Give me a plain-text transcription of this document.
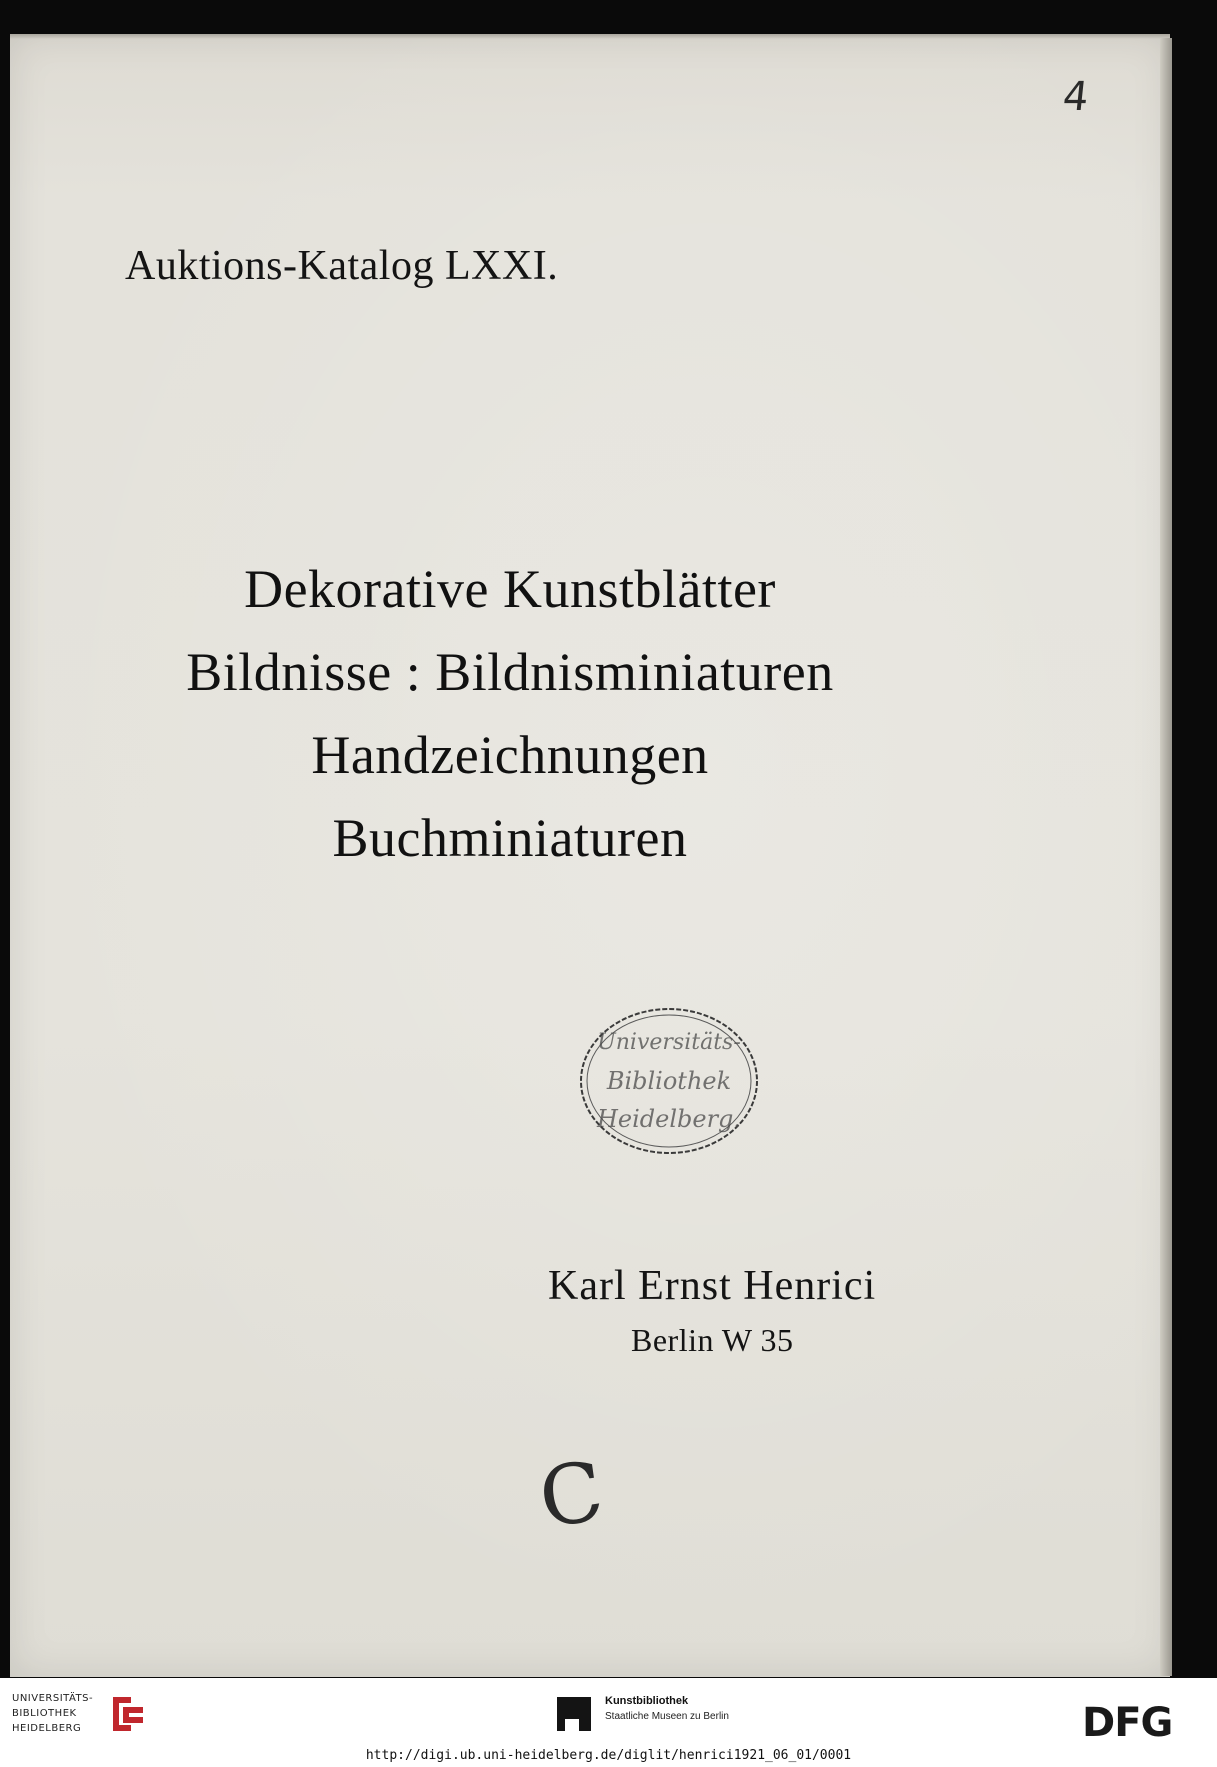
4
Auktions-Katalog LXXI.
Dekorative Kunstblätter
Bildnisse : Bildnisminiaturen
Handzeichnungen
Buchminiaturen
Universitäts-
Bibliothek
Heidelberg.
Karl Ernst Henrici
Berlin W 35
C
UNIVERSITÄTS-
BIBLIOTHEK
HEIDELBERG
Kunstbibliothek
Staatliche Museen zu Berlin	DFG
http://digi.ub.uni-heidelberg.de/diglit/henrici1921_06_01/0001
